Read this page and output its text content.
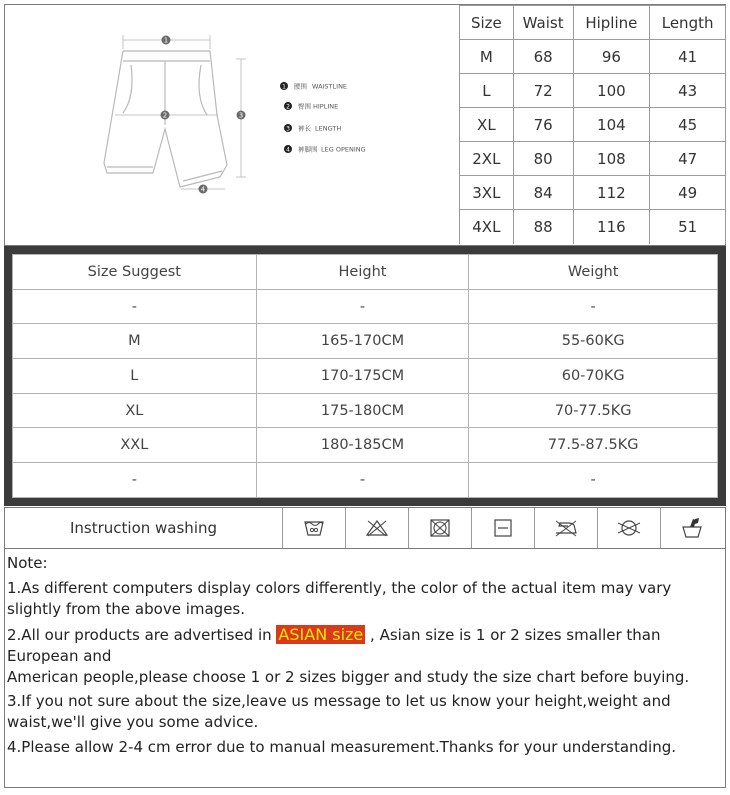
1
2	3
4
1 腰围 WAISTLINE
2 臀围 HIPLINE
3 裤长 LENGTH
4 裤脚围 LEG OPENING
Size	Waist	Hipline	Length
M	68	96	41
L	72	100	43
XL	76	104	45
2XL	80	108	47
3XL	84	112	49
4XL	88	116	51
Size Suggest	Height	Weight
-	-	-
M	165-170CM	55-60KG
L	170-175CM	60-70KG
XL	175-180CM	70-77.5KG
XXL	180-185CM	77.5-87.5KG
-	-	-
Instruction washing

Note:

1.As different computers display colors differently, the color of the actual item may vary slightly from the above images.

2.All our products are advertised in ASIAN size , Asian size is 1 or 2 sizes smaller than European and

American people,please choose 1 or 2 sizes bigger and study the size chart before buying.

3.If you not sure about the size,leave us message to let us know your height,weight and waist,we'll give you some advice.

4.Please allow 2-4 cm error due to manual measurement.Thanks for your understanding.
